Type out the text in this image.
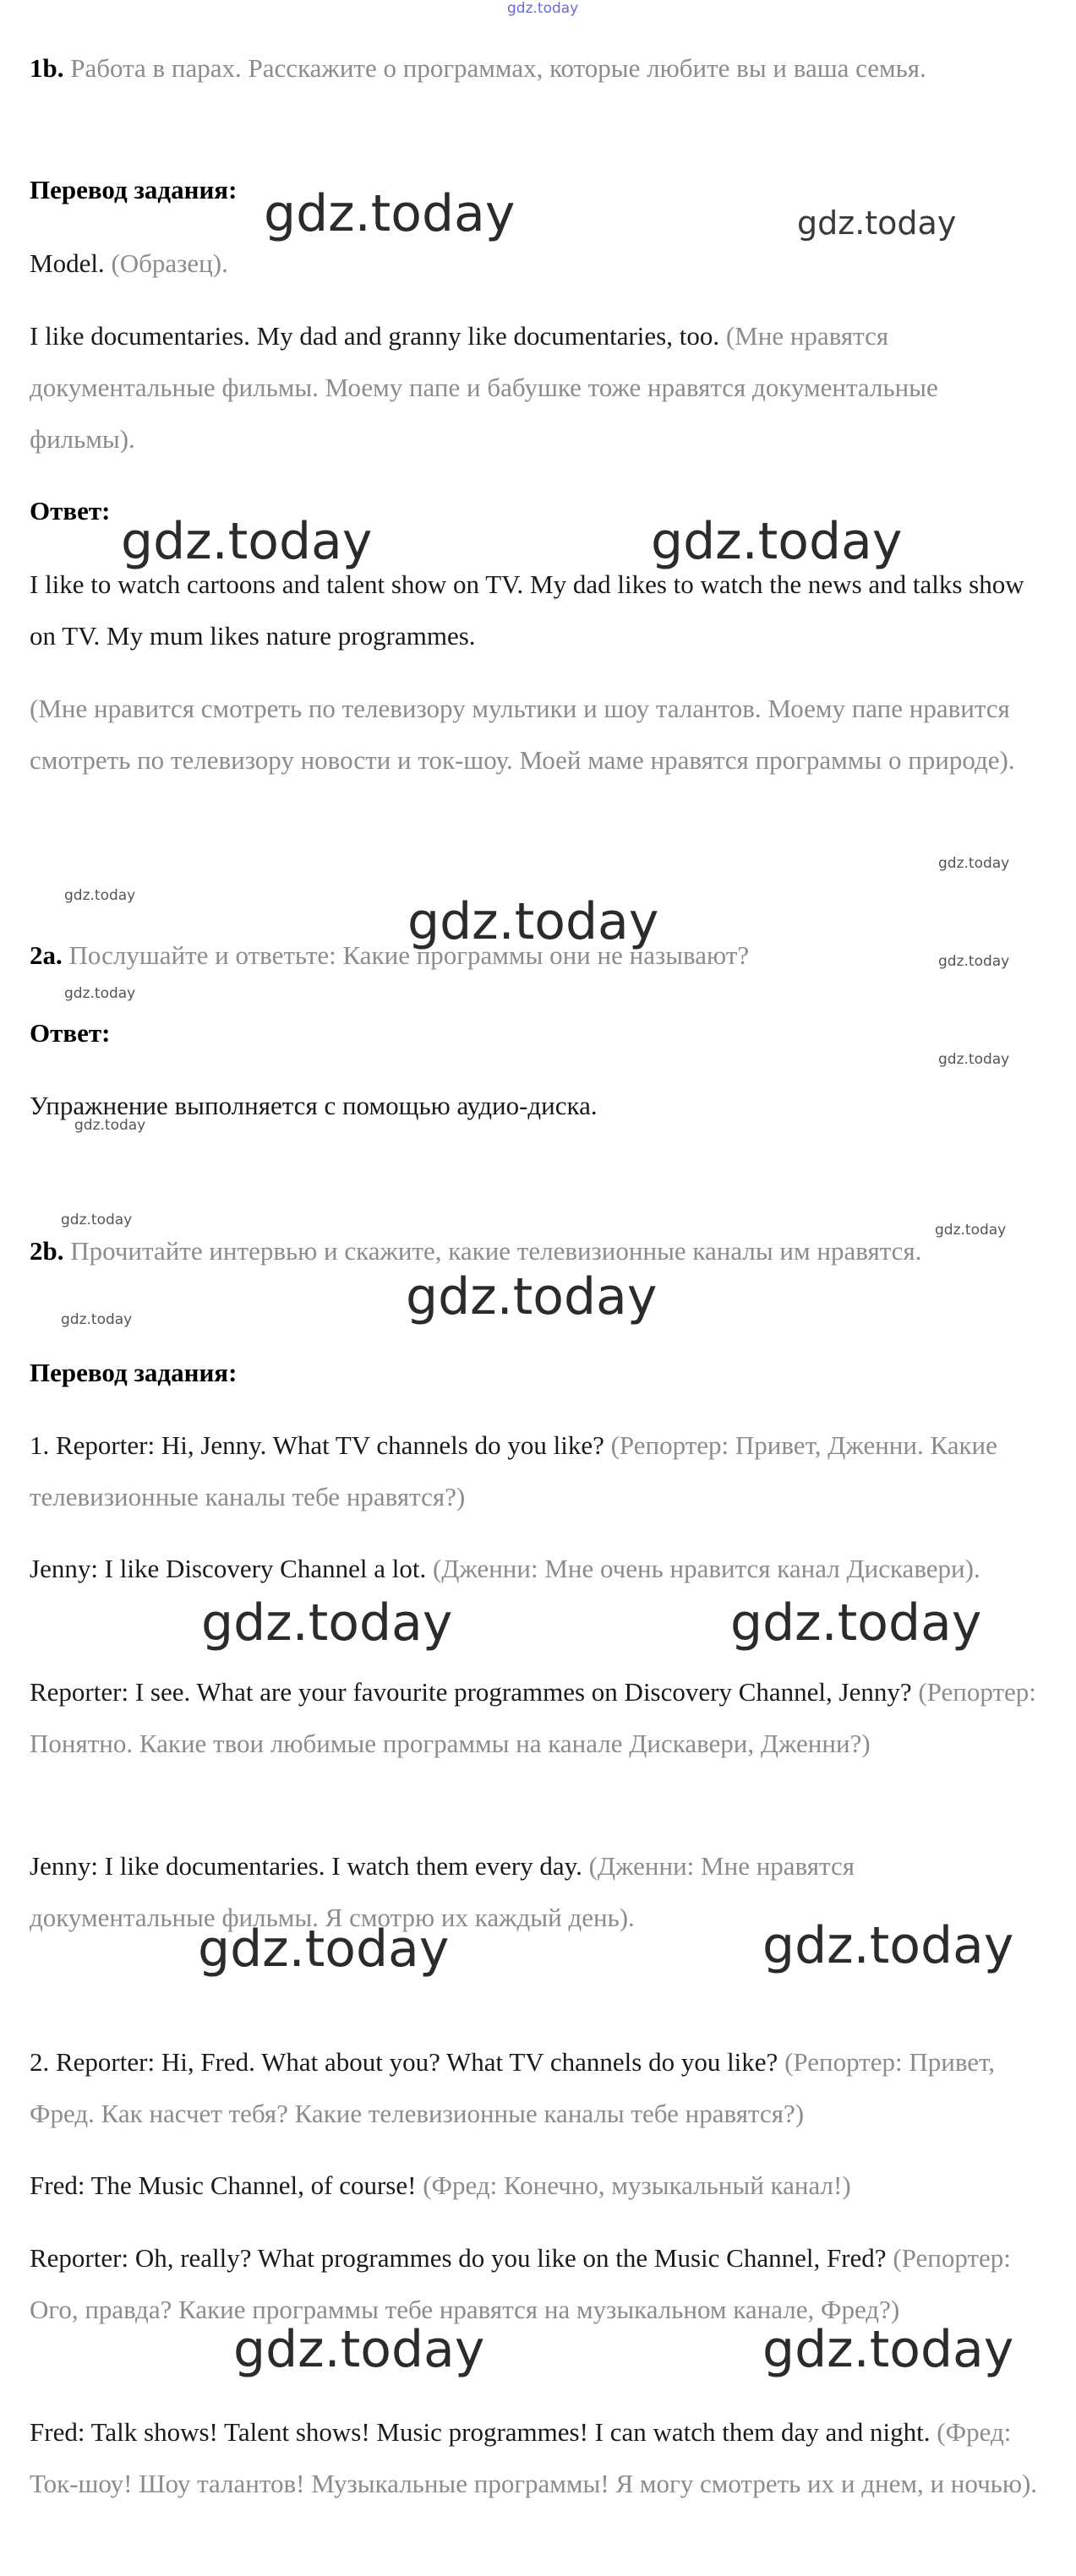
gdz.today
1b. Работа в парах. Расскажите о программах, которые любите вы и ваша семья.
Перевод задания:
Model. (Образец).
I like documentaries. My dad and granny like documentaries, too. (Мне нравятся документальные фильмы. Моему папе и бабушке тоже нравятся документальные фильмы).
Ответ:
I like to watch cartoons and talent show on TV. My dad likes to watch the news and talks show on TV. My mum likes nature programmes.
(Мне нравится смотреть по телевизору мультики и шоу талантов. Моему папе нравится смотреть по телевизору новости и ток-шоу. Моей маме нравятся программы о природе).
2a. Послушайте и ответьте: Какие программы они не называют?
Ответ:
Упражнение выполняется с помощью аудио-диска.
2b. Прочитайте интервью и скажите, какие телевизионные каналы им нравятся.
Перевод задания:
1. Reporter: Hi, Jenny. What TV channels do you like? (Репортер: Привет, Дженни. Какие телевизионные каналы тебе нравятся?)
Jenny: I like Discovery Channel a lot. (Дженни: Мне очень нравится канал Дискавери).
Reporter: I see. What are your favourite programmes on Discovery Channel, Jenny? (Репортер: Понятно. Какие твои любимые программы на канале Дискавери, Дженни?)
Jenny: I like documentaries. I watch them every day. (Дженни: Мне нравятся документальные фильмы. Я смотрю их каждый день).
2. Reporter: Hi, Fred. What about you? What TV channels do you like? (Репортер: Привет, Фред. Как насчет тебя? Какие телевизионные каналы тебе нравятся?)
Fred: The Music Channel, of course! (Фред: Конечно, музыкальный канал!)
Reporter: Oh, really? What programmes do you like on the Music Channel, Fred? (Репортер: Ого, правда? Какие программы тебе нравятся на музыкальном канале, Фред?)
Fred: Talk shows! Talent shows! Music programmes! I can watch them day and night. (Фред: Ток-шоу! Шоу талантов! Музыкальные программы! Я могу смотреть их и днем, и ночью).
gdz.today	gdz.today
gdz.today	gdz.today
gdz.today
gdz.today	gdz.today
gdz.today
gdz.today
gdz.today
gdz.today
gdz.today
gdz.today
gdz.today
gdz.today
gdz.today	gdz.today
gdz.today	gdz.today
gdz.today	gdz.today
